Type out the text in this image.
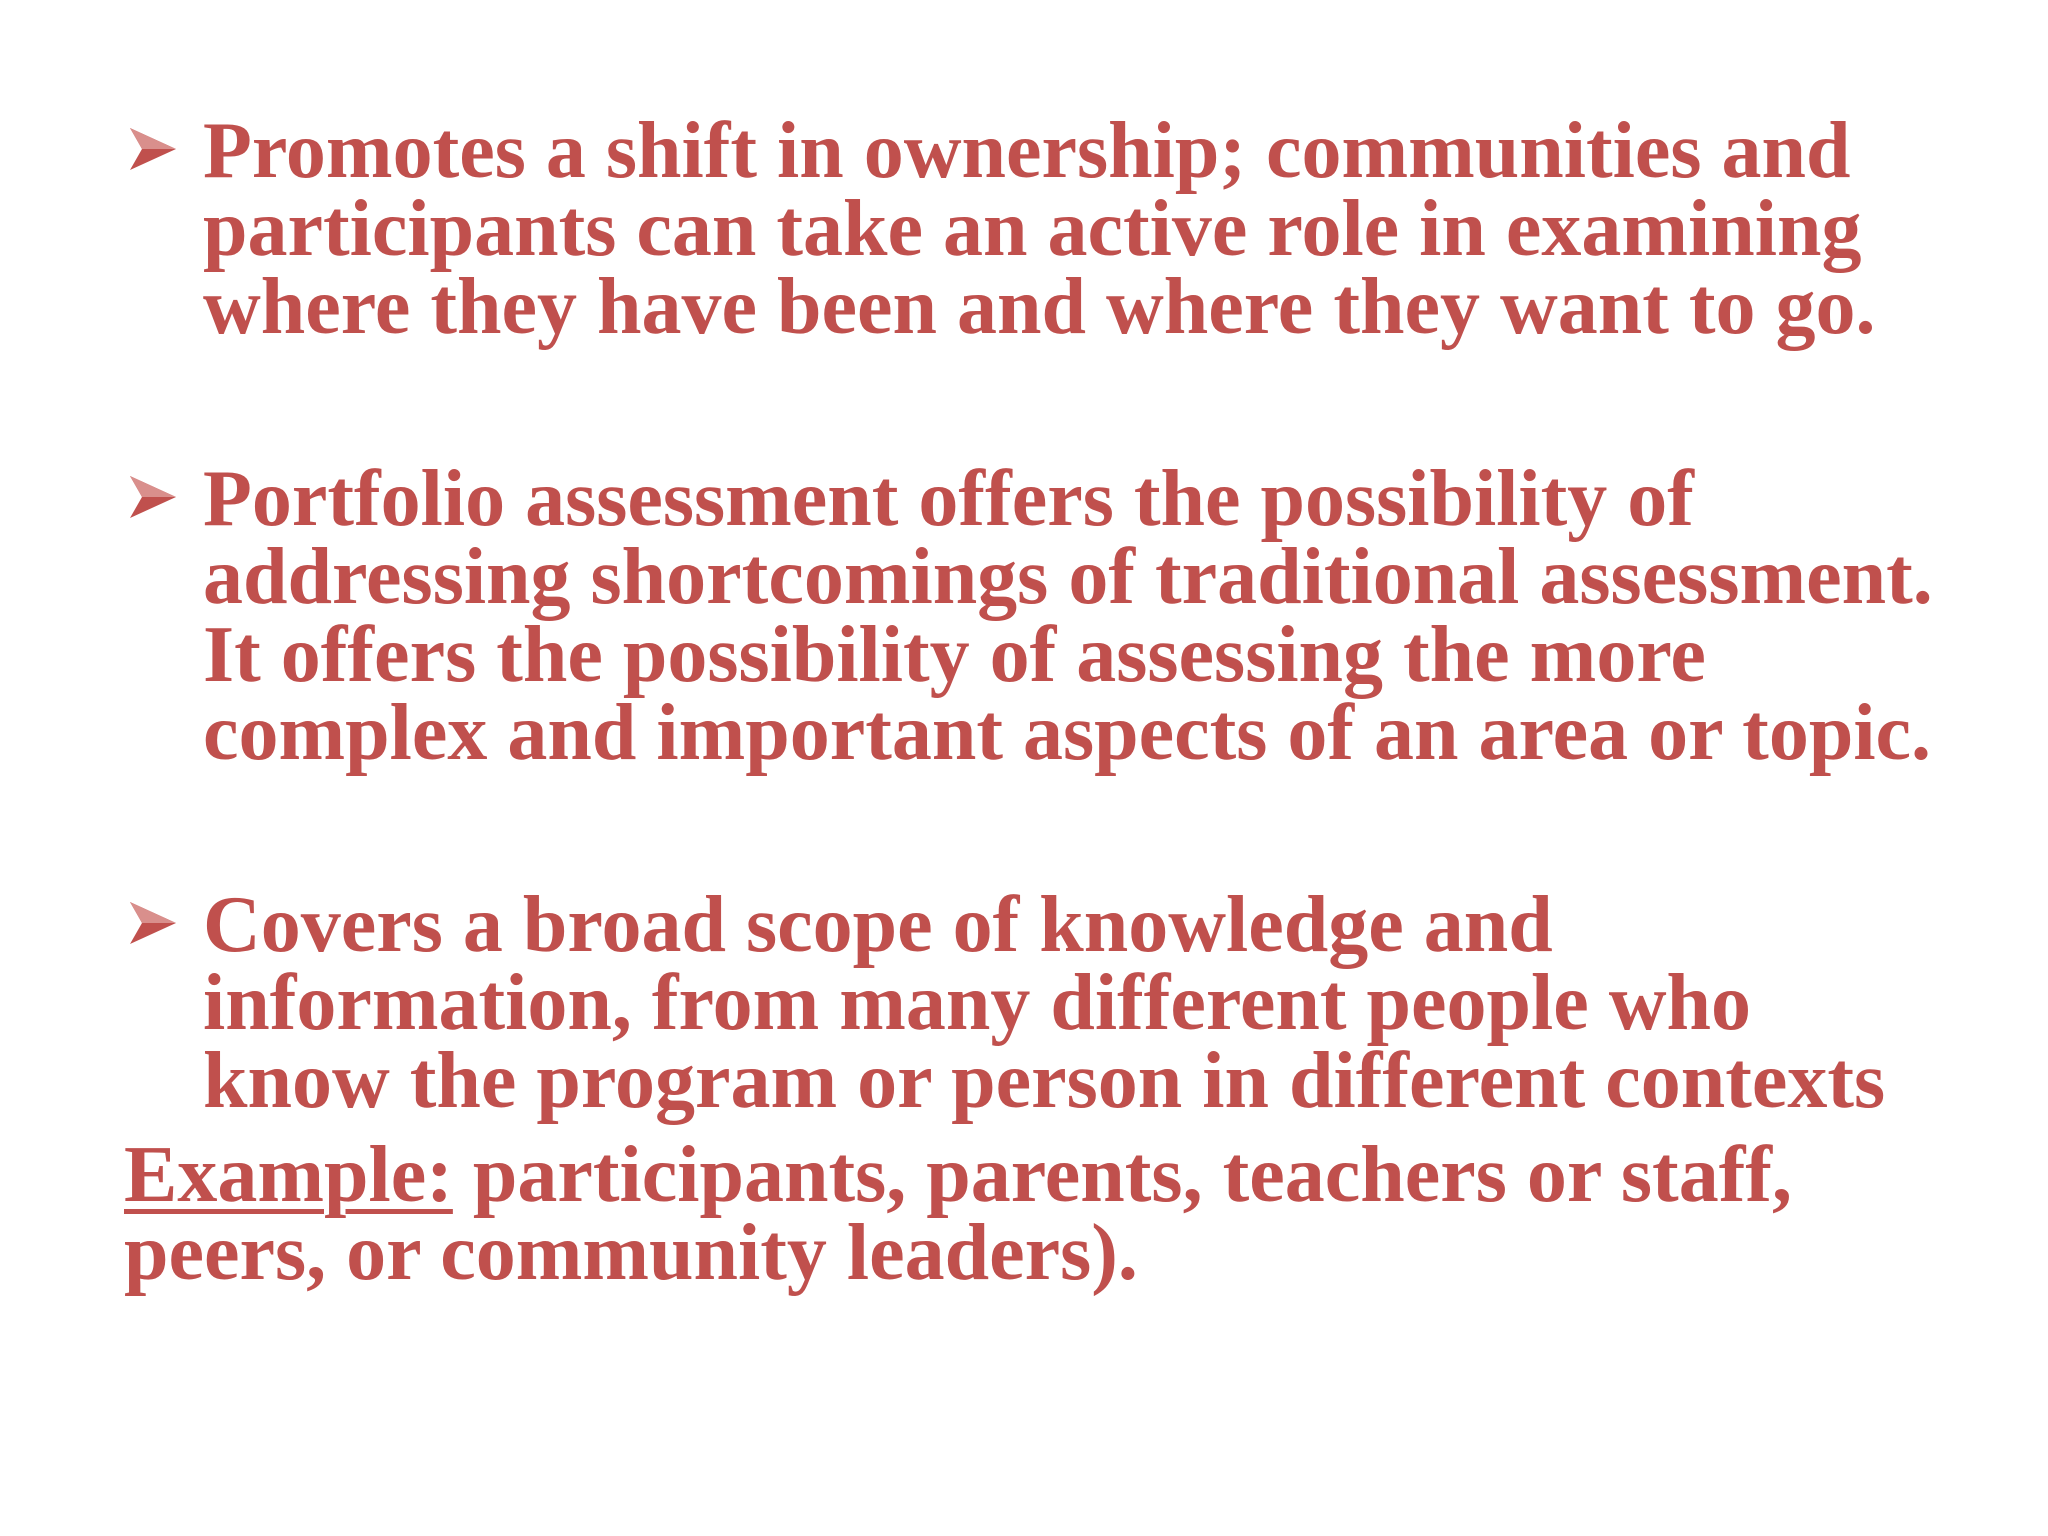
Promotes a shift in ownership; communities and
participants can take an active role in examining
where they have been and where they want to go.
Portfolio assessment offers the possibility of
addressing shortcomings of traditional assessment.
It offers the possibility of assessing the more
complex and important aspects of an area or topic.
Covers a broad scope of knowledge and
information, from many different people who
know the program or person in different contexts
Example: participants, parents, teachers or staff,
peers, or community leaders).
